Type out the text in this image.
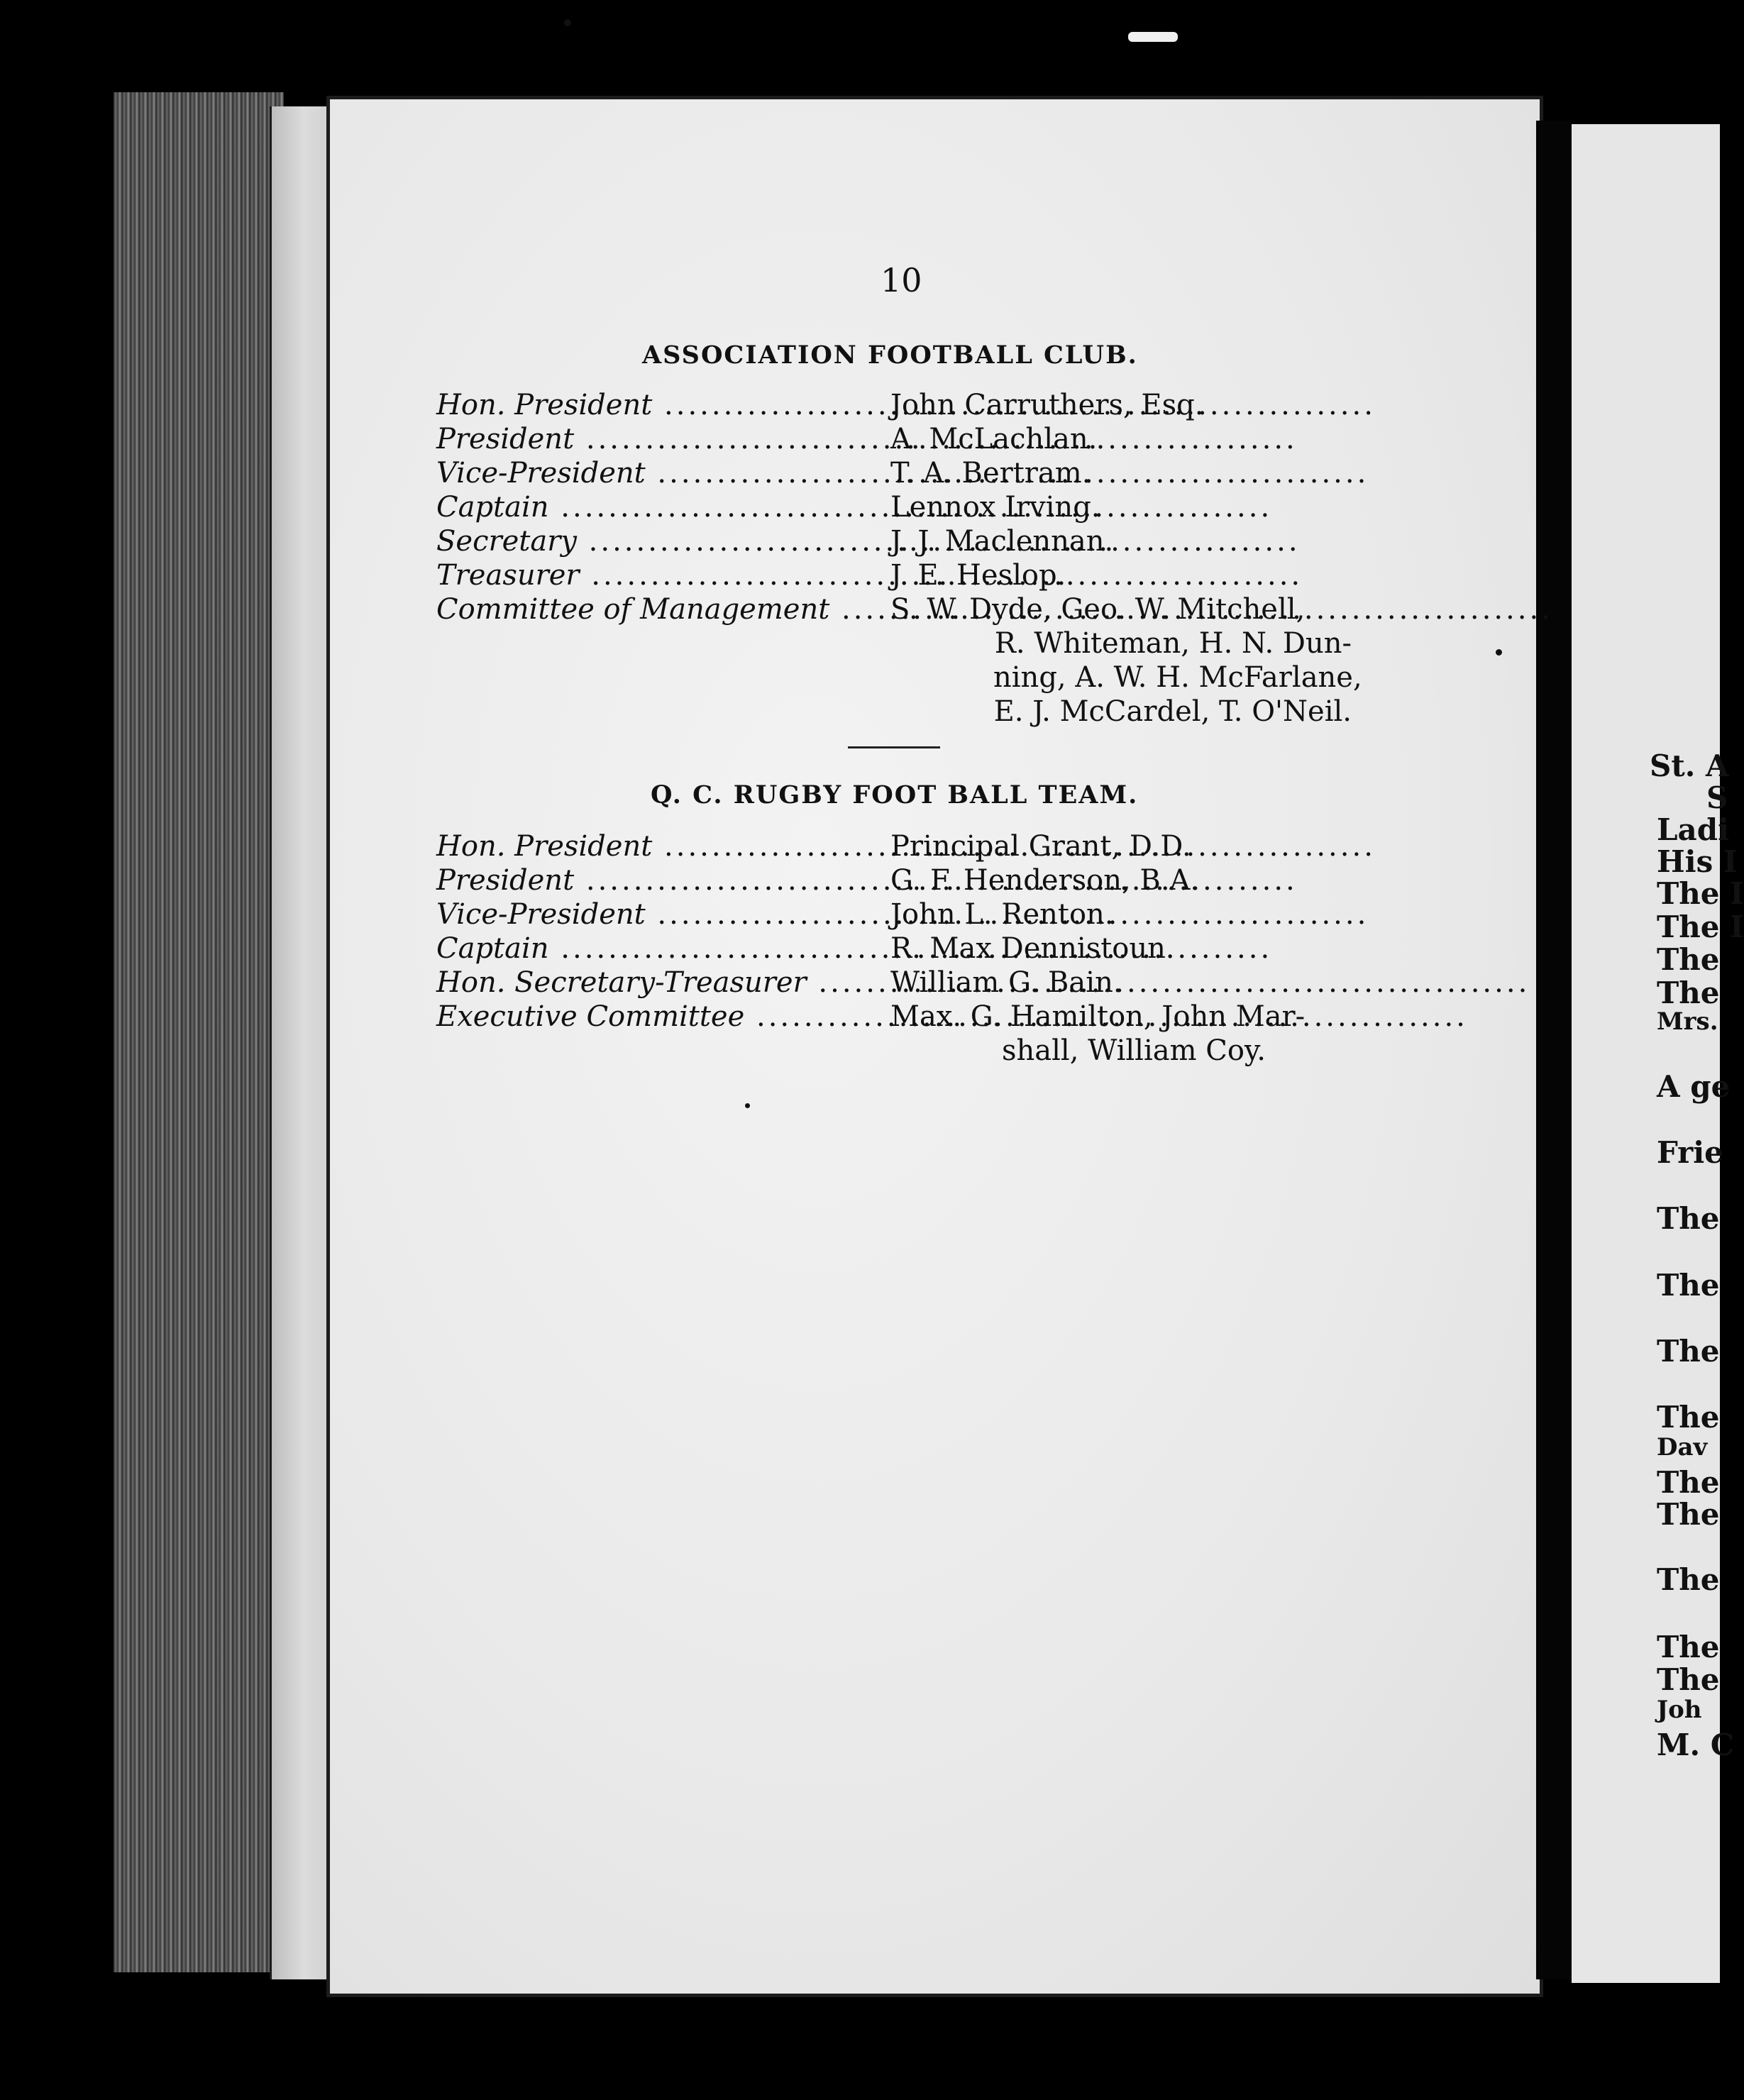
St. A
S
Ladi
His I
The I
The I
The
The
Mrs.
A ge
Frie
The
The
The
The
Dav
The
The
The
The
The
Joh
M. C
10
ASSOCIATION FOOTBALL CLUB.
Hon. President .....	John Carruthers, Esq.
President .....	A. McLachlan.
Vice-President .....	T. A. Bertram.
Captain .....	Lennox Irving.
Secretary .....	J. J. Maclennan.
Treasurer .....	J. E. Heslop.
Committee of Management .....	S. W. Dyde, Geo. W. Mitchell,
R. Whiteman, H. N. Dun-
ning, A. W. H. McFarlane,
E. J. McCardel, T. O'Neil.
Q. C. RUGBY FOOT BALL TEAM.
Hon. President .....	Principal Grant, D.D.
President .....	G. F. Henderson, B.A.
Vice-President .....	John L. Renton.
Captain .....	R. Max Dennistoun.
Hon. Secretary-Treasurer .....	William G. Bain.
Executive Committee .....	Max. G. Hamilton, John Mar-
shall, William Coy.
